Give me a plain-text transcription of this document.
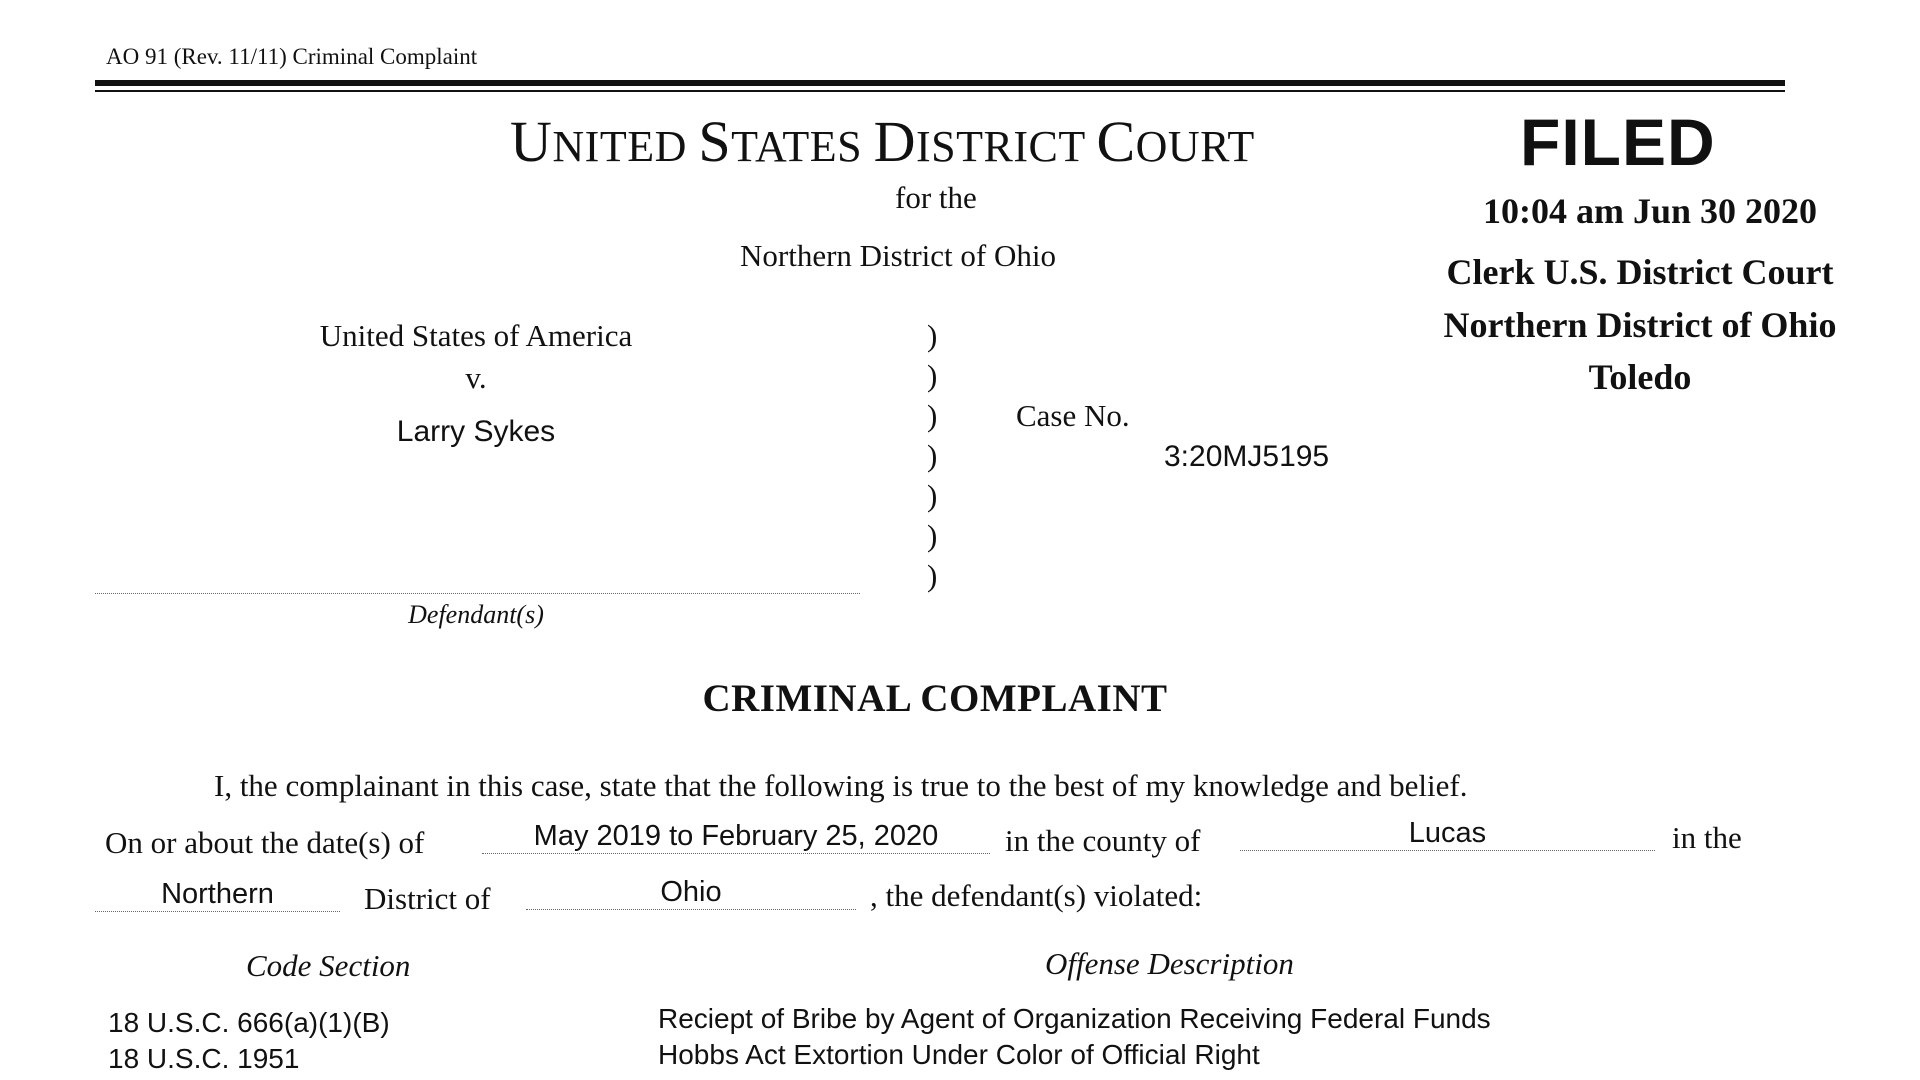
AO 91 (Rev. 11/11) Criminal Complaint
UNITED STATES DISTRICT COURT
for the
Northern District of Ohio
FILED
10:04 am Jun 30 2020
Clerk U.S. District Court
Northern District of Ohio
Toledo
United States of America
v.
Larry Sykes
Defendant(s)
)
)
)
)
)
)
)
Case No.
3:20MJ5195
CRIMINAL COMPLAINT
I, the complainant in this case, state that the following is true to the best of my knowledge and belief.
On or about the date(s) of	May 2019 to February 25, 2020	in the county of	Lucas	in the
Northern	District of	Ohio	, the defendant(s) violated:
Code Section	Offense Description
18 U.S.C. 666(a)(1)(B)	Reciept of Bribe by Agent of Organization Receiving Federal Funds
18 U.S.C. 1951	Hobbs Act Extortion Under Color of Official Right
